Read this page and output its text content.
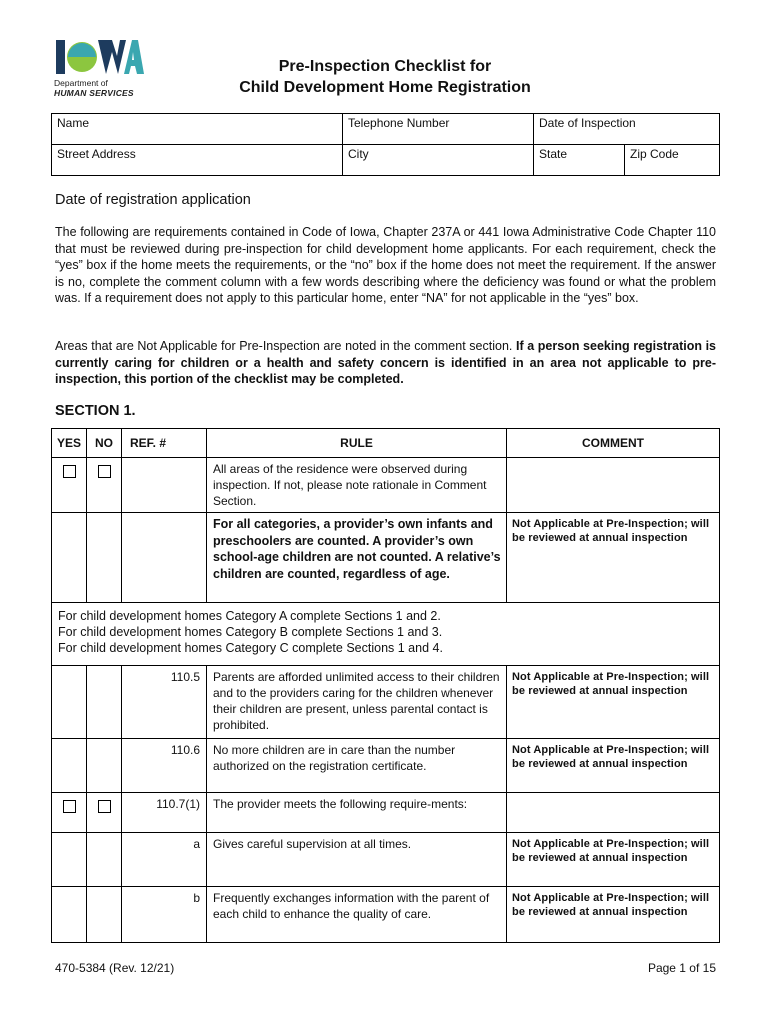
Department of
HUMAN SERVICES
Pre-Inspection Checklist for
Child Development Home Registration
Name	Telephone Number	Date of Inspection	
Street Address	City	State	Zip Code
Date of registration application
The following are requirements contained in Code of Iowa, Chapter 237A or 441 Iowa Administrative Code Chapter 110 that must be reviewed during pre-inspection for child development home applicants. For each requirement, check the “yes” box if the home meets the requirements, or the “no” box if the home does not meet the requirement. If the answer is no, complete the comment column with a few words describing where the deficiency was found or what the problem was. If a requirement does not apply to this particular home, enter “NA” for not applicable in the “yes” box.
Areas that are Not Applicable for Pre-Inspection are noted in the comment section. If a person seeking registration is currently caring for children or a health and safety concern is identified in an area not applicable to pre-inspection, this portion of the checklist may be completed.
SECTION 1.
YES	NO	REF. #	RULE	COMMENT
			All areas of the residence were observed during inspection. If not, please note rationale in Comment Section.	
			For all categories, a provider’s own infants and preschoolers are counted. A provider’s own school-age children are not counted. A relative’s children are counted, regardless of age.	Not Applicable at Pre-Inspection; will be reviewed at annual inspection

For child development homes Category A complete Sections 1 and 2.
For child development homes Category B complete Sections 1 and 3.
For child development homes Category C complete Sections 1 and 4.				

		110.5	Parents are afforded unlimited access to their children and to the providers caring for the children whenever their children are present, unless parental contact is prohibited.	Not Applicable at Pre-Inspection; will be reviewed at annual inspection
		110.6	No more children are in care than the number authorized on the registration certificate.	Not Applicable at Pre-Inspection; will be reviewed at annual inspection
		110.7(1)	The provider meets the following require-ments:	
		a	Gives careful supervision at all times.	Not Applicable at Pre-Inspection; will be reviewed at annual inspection
		b	Frequently exchanges information with the parent of each child to enhance the quality of care.	Not Applicable at Pre-Inspection; will be reviewed at annual inspection
470-5384 (Rev. 12/21)	Page 1 of 15
